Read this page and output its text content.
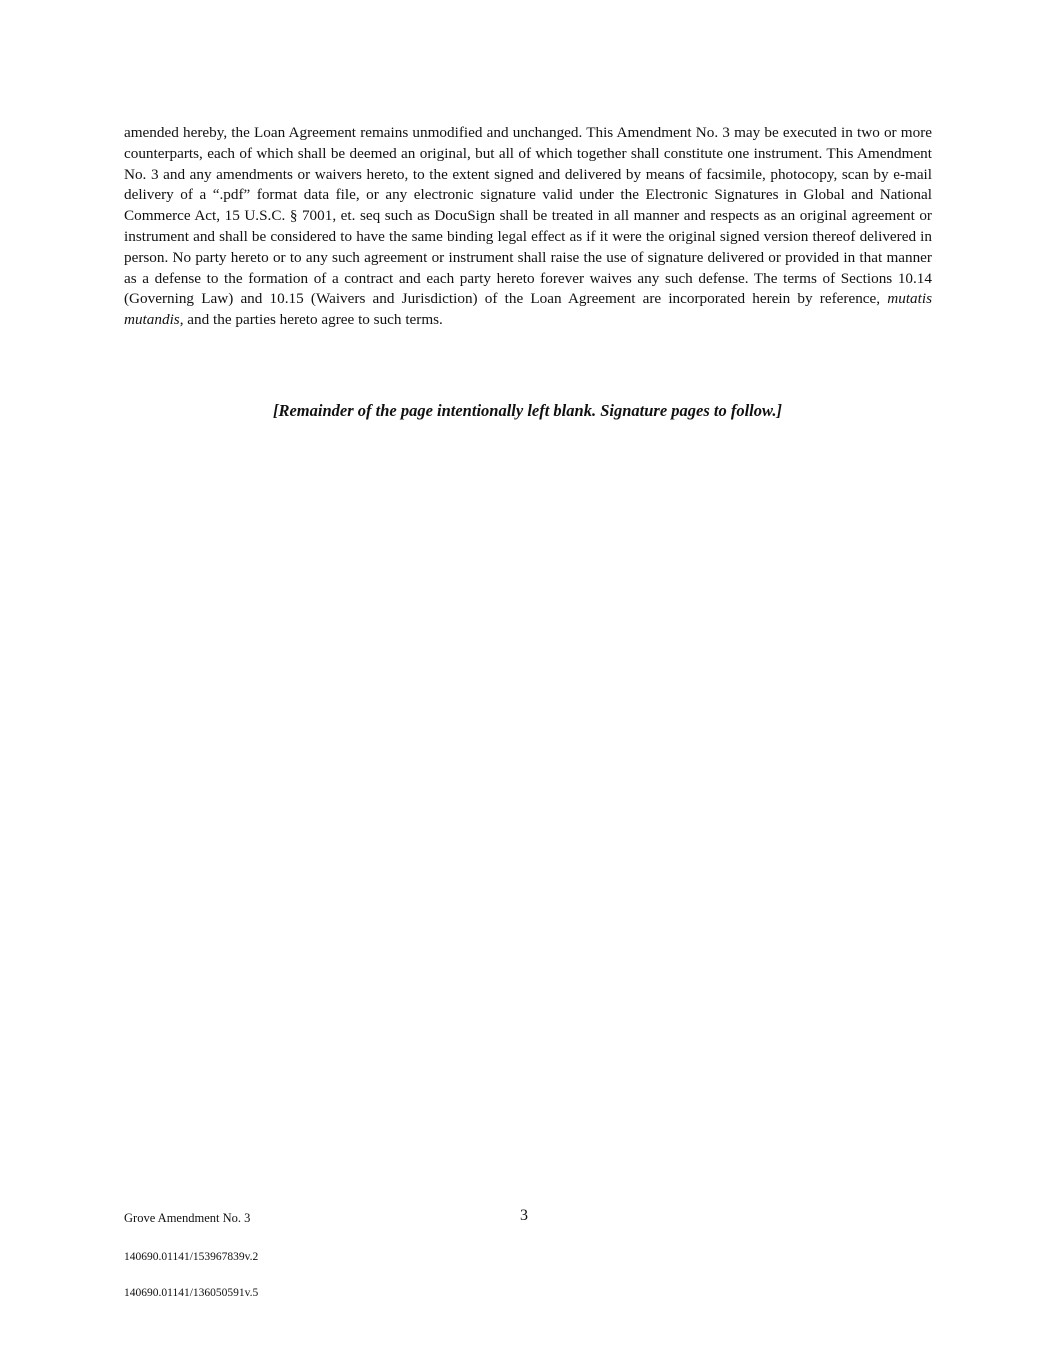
amended hereby, the Loan Agreement remains unmodified and unchanged. This Amendment No. 3 may be executed in two or more counterparts, each of which shall be deemed an original, but all of which together shall constitute one instrument. This Amendment No. 3 and any amendments or waivers hereto, to the extent signed and delivered by means of facsimile, photocopy, scan by e-mail delivery of a “.pdf” format data file, or any electronic signature valid under the Electronic Signatures in Global and National Commerce Act, 15 U.S.C. § 7001, et. seq such as DocuSign shall be treated in all manner and respects as an original agreement or instrument and shall be considered to have the same binding legal effect as if it were the original signed version thereof delivered in person. No party hereto or to any such agreement or instrument shall raise the use of signature delivered or provided in that manner as a defense to the formation of a contract and each party hereto forever waives any such defense. The terms of Sections 10.14 (Governing Law) and 10.15 (Waivers and Jurisdiction) of the Loan Agreement are incorporated herein by reference, mutatis mutandis, and the parties hereto agree to such terms.

[Remainder of the page intentionally left blank. Signature pages to follow.]

Grove Amendment No. 3	3

140690.01141/153967839v.2

140690.01141/136050591v.5
